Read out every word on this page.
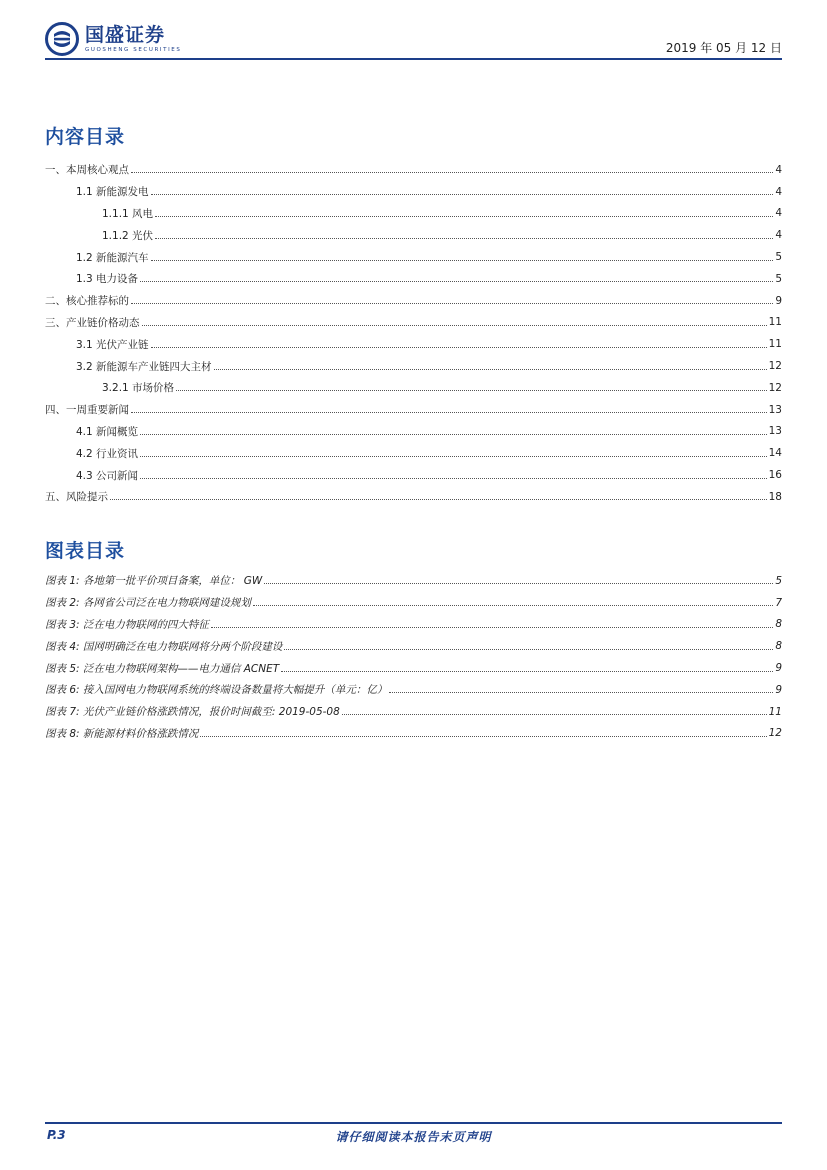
国盛证券
GUOSHENG SECURITIES	2019 年 05 月 12 日
内容目录
一、本周核心观点	4
1.1 新能源发电	4
1.1.1 风电	4
1.1.2 光伏	4
1.2 新能源汽车	5
1.3 电力设备	5
二、核心推荐标的	9
三、产业链价格动态	11
3.1 光伏产业链	11
3.2 新能源车产业链四大主材	12
3.2.1 市场价格	12
四、一周重要新闻	13
4.1 新闻概览	13
4.2 行业资讯	14
4.3 公司新闻	16
五、风险提示	18
图表目录
图表 1: 各地第一批平价项目备案，单位： GW	5
图表 2: 各网省公司泛在电力物联网建设规划	7
图表 3: 泛在电力物联网的四大特征	8
图表 4: 国网明确泛在电力物联网将分两个阶段建设	8
图表 5: 泛在电力物联网架构——电力通信 ACNET	9
图表 6: 接入国网电力物联网系统的终端设备数量将大幅提升（单元：亿）	9
图表 7: 光伏产业链价格涨跌情况，报价时间截至: 2019-05-08	11
图表 8: 新能源材料价格涨跌情况	12
P.3	请仔细阅读本报告末页声明
